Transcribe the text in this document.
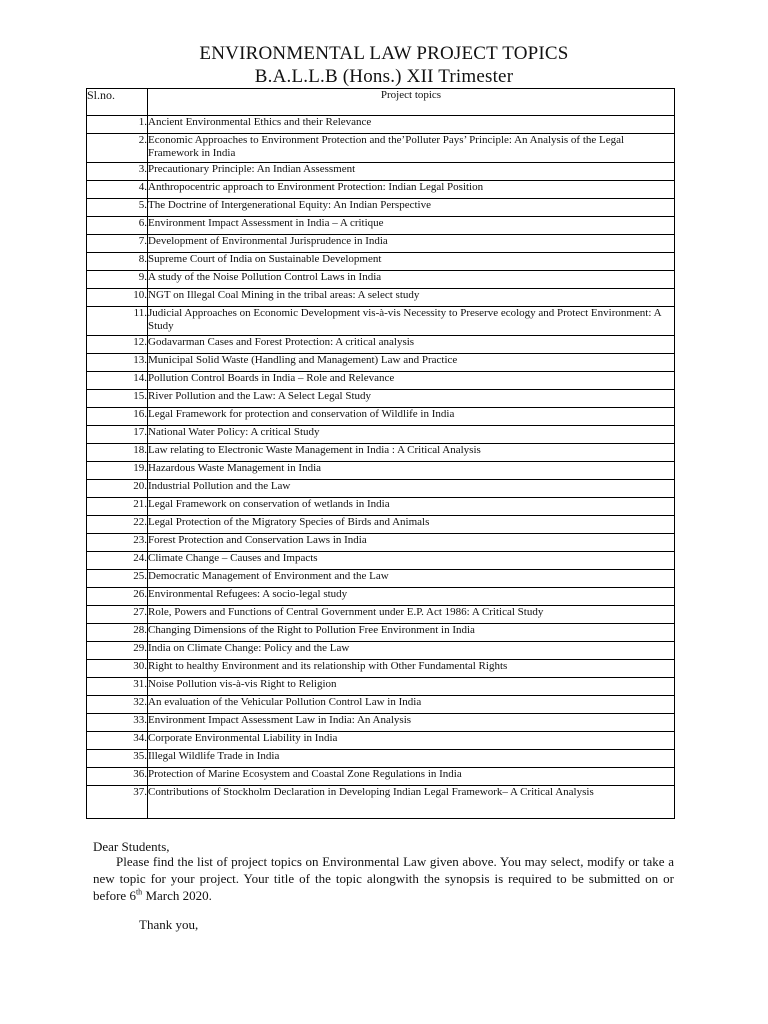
ENVIRONMENTAL LAW PROJECT TOPICS
B.A.L.L.B (Hons.) XII Trimester
Sl.no.	Project topics
1.	Ancient Environmental Ethics and their Relevance
2.	Economic Approaches to Environment Protection and the’Polluter Pays’ Principle: An Analysis of the Legal Framework in India
3.	Precautionary Principle: An Indian Assessment
4.	Anthropocentric approach to Environment Protection: Indian Legal Position
5.	The Doctrine of Intergenerational Equity: An Indian Perspective
6.	Environment Impact Assessment in India – A critique
7.	Development of Environmental Jurisprudence in India
8.	Supreme Court of India on Sustainable Development
9.	A study of the Noise Pollution Control Laws in India
10.	NGT on Illegal Coal Mining in the tribal areas: A select study
11.	Judicial Approaches on Economic Development vis-à-vis Necessity to Preserve ecology and Protect Environment: A Study
12.	Godavarman Cases and Forest Protection: A critical analysis
13.	Municipal Solid Waste (Handling and Management) Law and Practice
14.	Pollution Control Boards in India – Role and Relevance
15.	River Pollution and the Law: A Select Legal Study
16.	Legal Framework for protection and conservation of Wildlife in India
17.	National Water Policy: A critical Study
18.	Law relating to Electronic Waste Management in India : A Critical Analysis
19.	Hazardous Waste Management in India
20.	Industrial Pollution and the Law
21.	Legal Framework on conservation of wetlands in India
22.	Legal Protection of the Migratory Species of Birds and Animals
23.	Forest Protection and Conservation Laws in India
24.	Climate Change – Causes and Impacts
25.	Democratic Management of Environment and the Law
26.	Environmental Refugees: A socio-legal study
27.	Role, Powers and Functions of Central Government under E.P. Act 1986: A Critical Study
28.	Changing Dimensions of the Right to Pollution Free Environment in India
29.	India on Climate Change: Policy and the Law
30.	Right to healthy Environment and its relationship with Other Fundamental Rights
31.	Noise Pollution vis-à-vis Right to Religion
32.	An evaluation of the Vehicular Pollution Control Law in India
33.	Environment Impact Assessment Law in India: An Analysis
34.	Corporate Environmental Liability in India
35.	Illegal Wildlife Trade in India
36.	Protection of Marine Ecosystem and Coastal Zone Regulations in India
37.	Contributions of Stockholm Declaration in Developing Indian Legal Framework– A Critical Analysis
Dear Students,
Please find the list of project topics on Environmental Law given above. You may select, modify or take a new topic for your project. Your title of the topic alongwith the synopsis is required to be submitted on or before 6th March 2020.
Thank you,
